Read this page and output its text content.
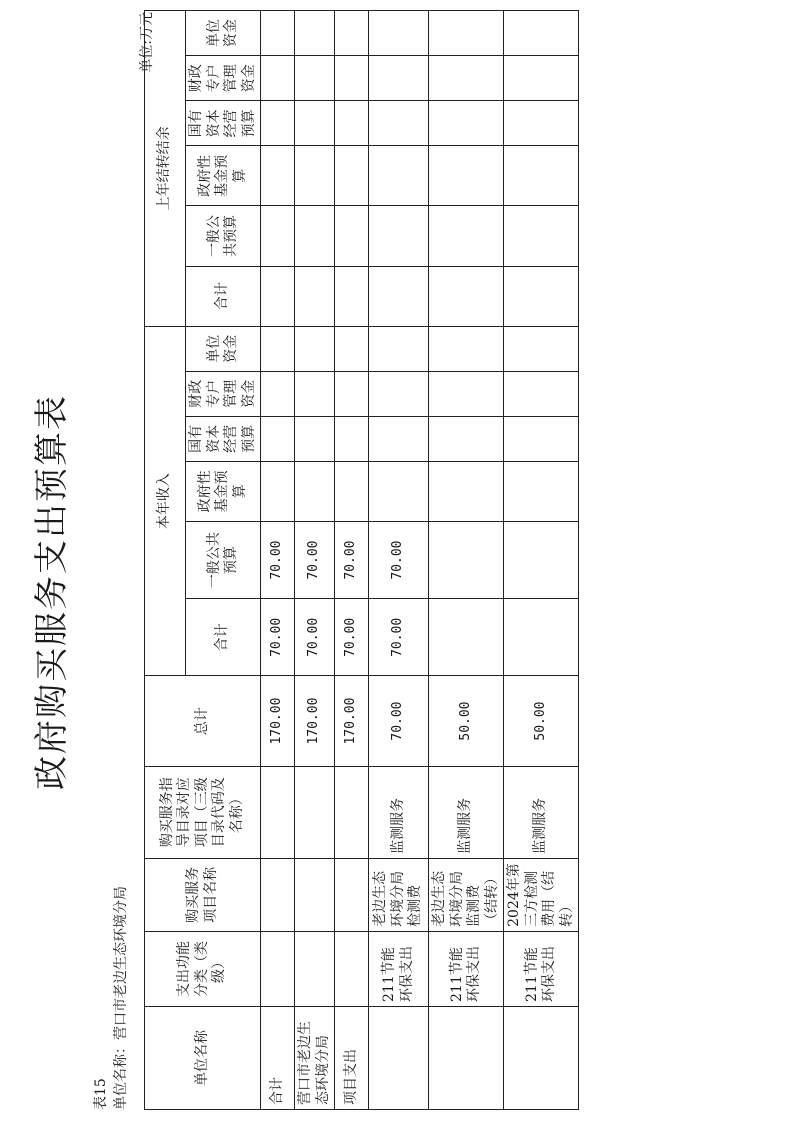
政府购买服务支出预算表
表15 单位名称：营口市老边生态环境分局
单位:万元
单位名称	支出功能分类（类级）	购买服务项目名称	购买服务指导目录对应项目（三级目录代码及名称）	总计	本年收入						上年结转结余					
					合计	一般公共预算	政府性基金预算	国有资本经营预算	财政专户管理资金	单位资金	合计	一般公共预算	政府性基金预算	国有资本经营预算	财政专户管理资金	单位资金
合计				170.00	70.00	70.00										
营口市老边生态环境分局				170.00	70.00	70.00										
项目支出				170.00	70.00	70.00										
	211节能环保支出	老边生态环境分局检测费	监测服务	70.00	70.00	70.00										
	211节能环保支出	老边生态环境分局监测费（结转）	监测服务	50.00												
	211节能环保支出	2024年第三方检测费用（结转）	监测服务	50.00												
